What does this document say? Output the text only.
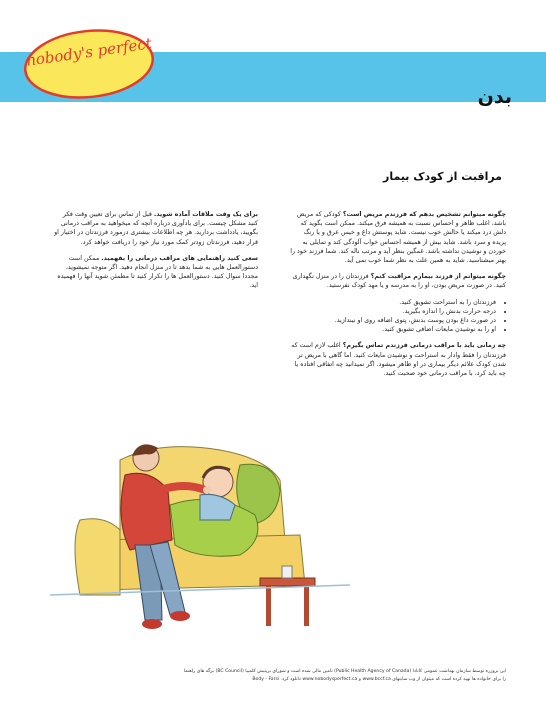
nobody's perfect
بدن
مراقبت از کودک بیمار

چگونه میتوانم تشخیص بدهم که فرزندم مریض است؟ کودکی که مریض باشد، اغلب ظاهر و احساس نسبت به همیشه فرق میکند. ممکن است بگوید که دلش درد میکند یا حالش خوب نیست. شاید پوستش داغ و خیس عرق و یا رنگ پریده و سرد باشد. شاید بیش از همیشه احساس خواب آلودگی کند و تمایلی به خوردن و نوشیدن نداشته باشد. غمگین بنظر آید و مرتب ناله کند. شما فرزند خود را بهتر میشناسید. شاید به همین علت به نظر شما خوب نمی آید.

چگونه میتوانم از فرزند بیمارم مراقبت کنم؟ فرزندتان را در منزل نگهداری کنید. در صورت مریض بودن، او را به مدرسه و یا مهد کودک نفرستید.

• فرزندتان را به استراحت تشویق کنید.
• درجه حرارت بدنش را اندازه بگیرید.
• در صورت داغ بودن پوست بدنش، پتوی اضافه روی او نیندازید.
• او را به نوشیدن مایعات اضافی تشویق کنید.

چه زمانی باید با مراقب درمانی فرزندم تماس بگیرم؟ اغلب لازم است که فرزندتان را فقط وادار به استراحت و نوشیدن مایعات کنید. اما گاهی با مریض تر شدن کودک علائم دیگر بیماری در او ظاهر میشود. اگر نمیدانید چه اتفاقی افتاده یا چه باید کرد، با مراقب درمانی خود صحبت کنید.

برای یک وقت ملاقات آماده شوید. قبل از تماس برای تعیین وقت فکر کنید مشکل چیست. برای یادآوری درباره آنچه که میخواهید به مراقب درمانی بگویید، یادداشت بردارید. هر چه اطلاعات بیشتری درمورد فرزندتان در اختیار او قرار دهید، فرزندتان زودتر کمک مورد نیاز خود را دریافت خواهد کرد.

سعی کنید راهنمایی های مراقب درمانی را بفهمید. ممکن است دستورالعمل هایی به شما بدهد تا در منزل انجام دهید. اگر متوجه نمیشوید، مجددا سوال کنید. دستورالعمل ها را تکرار کنید تا مطمئن شوید آنها را فهمیده اید.

این بروزره توسط سازمان بهداشت عمومی کانادا (Public Health Agency of Canada) تامین مالی شده است و شورای بریتیش کلمبیا (BC Council) برگه های راهنما
را برای خانواده ها تهیه کرده است که میتوان از وب سایتهای www.bccf.ca و www.nobodysperfect.ca دانلود کرد. Body - Farsi
